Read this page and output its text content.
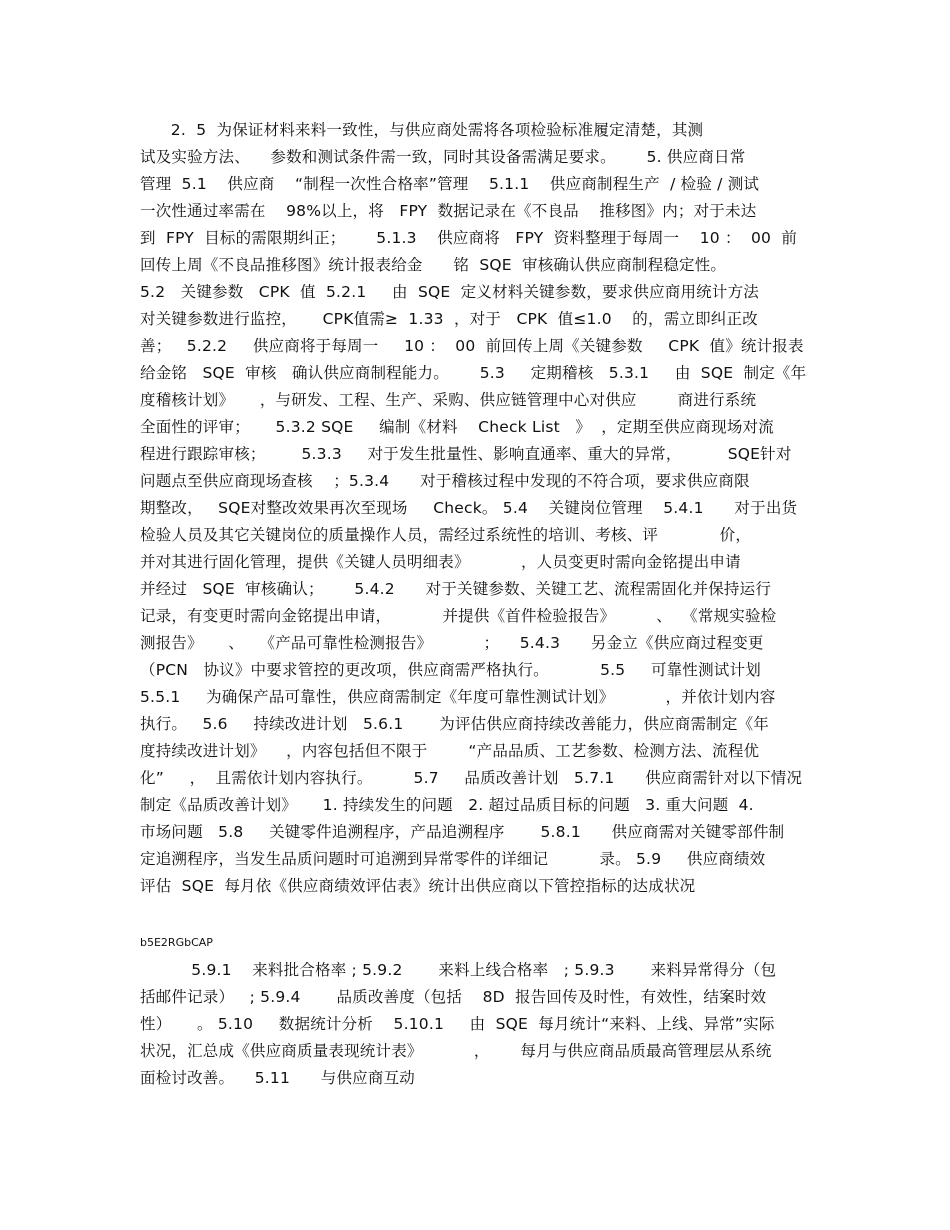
2.  5  为保证材料来料一致性，与供应商处需将各项检验标准履定清楚，其测
试及实验方法、    参数和测试条件需一致，同时其设备需满足要求。      5. 供应商日常
管理  5.1    供应商    “制程一次性合格率”管理    5.1.1    供应商制程生产  / 检验 / 测试
一次性通过率需在    98%以上，将   FPY  数据记录在《不良品    推移图》内；对于未达
到  FPY  目标的需限期纠正；      5.1.3    供应商将   FPY  资料整理于每周一    10 ：  00  前
回传上周《不良品推移图》统计报表给金      铭  SQE  审核确认供应商制程稳定性。
5.2   关键参数   CPK  值  5.2.1     由  SQE  定义材料关键参数，要求供应商用统计方法
对关键参数进行监控，     CPK值需≥  1.33  ，对于   CPK  值≤1.0    的，需立即纠正改
善；   5.2.2     供应商将于每周一     10 ：  00  前回传上周《关键参数     CPK  值》统计报表
给金铭   SQE  审核   确认供应商制程能力。      5.3     定期稽核   5.3.1     由  SQE  制定《年
度稽核计划》     ，与研发、工程、生产、采购、供应链管理中心对供应        商进行系统
全面性的评审；     5.3.2 SQE     编制《材料    Check List   》  ，定期至供应商现场对流
程进行跟踪审核；       5.3.3     对于发生批量性、影响直通率、重大的异常，         SQE针对
问题点至供应商现场查核    ；5.3.4      对于稽核过程中发现的不符合项，要求供应商限
期整改，   SQE对整改效果再次至现场     Check。 5.4    关键岗位管理    5.4.1      对于出货
检验人员及其它关键岗位的质量操作人员，需经过系统性的培训、考核、评            价，
并对其进行固化管理，提供《关键人员明细表》          ，人员变更时需向金铭提出申请
并经过   SQE  审核确认；      5.4.2      对于关键参数、关键工艺、流程需固化并保持运行
记录，有变更时需向金铭提出申请，          并提供《首件检验报告》        、  《常规实验检
测报告》     、   《产品可靠性检测报告》          ；    5.4.3      另金立《供应商过程变更
（PCN   协议》中要求管控的更改项，供应商需严格执行。          5.5     可靠性测试计划
5.5.1     为确保产品可靠性，供应商需制定《年度可靠性测试计划》          ，并依计划内容
执行。   5.6     持续改进计划   5.6.1       为评估供应商持续改善能力，供应商需制定《年
度持续改进计划》    ，内容包括但不限于        “产品品质、工艺参数、检测方法、流程优
化”     ，  且需依计划内容执行。        5.7     品质改善计划   5.7.1      供应商需针对以下情况
制定《品质改善计划》     1. 持续发生的问题   2. 超过品质目标的问题   3. 重大问题  4.
市场问题   5.8     关键零件追溯程序，产品追溯程序       5.8.1      供应商需对关键零部件制
定追溯程序，当发生品质问题时可追溯到异常零件的详细记          录。 5.9     供应商绩效
评估  SQE  每月依《供应商绩效评估表》统计出供应商以下管控指标的达成状况
b5E2RGbCAP
5.9.1    来料批合格率 ; 5.9.2       来料上线合格率   ; 5.9.3       来料异常得分（包
括邮件记录）   ; 5.9.4       品质改善度（包括    8D  报告回传及时性，有效性，结案时效
性）     。 5.10     数据统计分析    5.10.1     由  SQE  每月统计“来料、上线、异常”实际
状况，汇总成《供应商质量表现统计表》          ，      每月与供应商品质最高管理层从系统
面检讨改善。    5.11      与供应商互动
